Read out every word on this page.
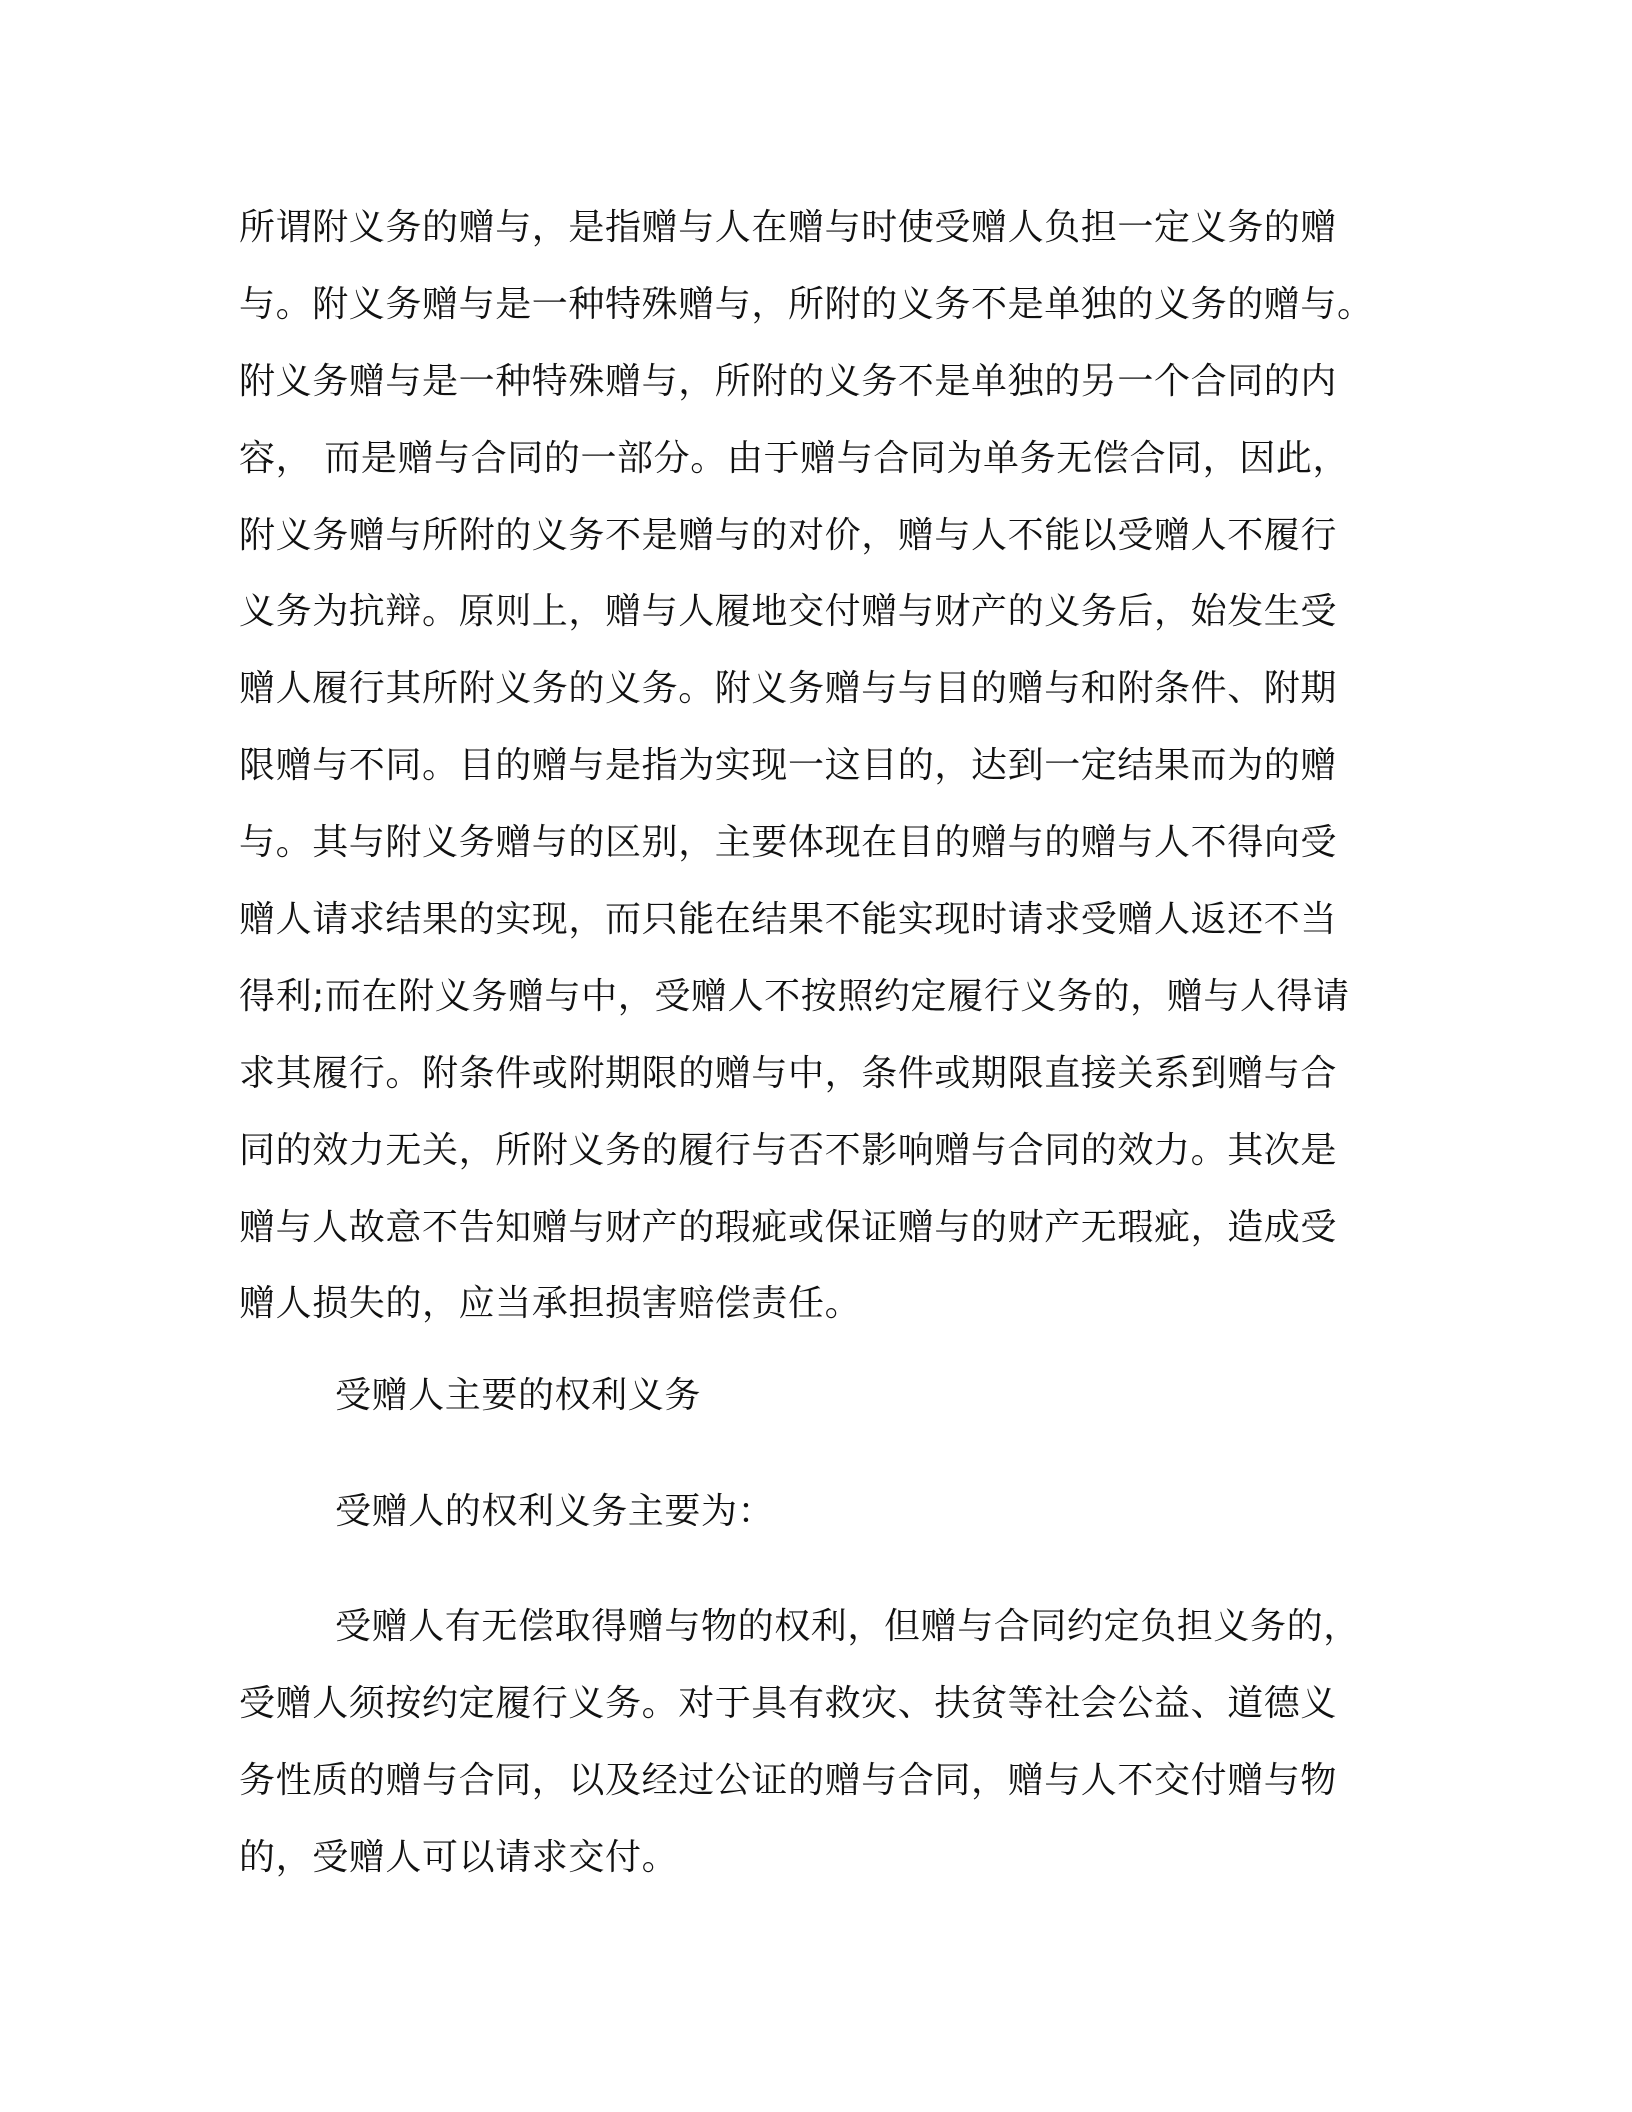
所谓附义务的赠与，是指赠与人在赠与时使受赠人负担一定义务的赠
与。附义务赠与是一种特殊赠与，所附的义务不是单独的义务的赠与。
附义务赠与是一种特殊赠与，所附的义务不是单独的另一个合同的内
容， 而是赠与合同的一部分。由于赠与合同为单务无偿合同，因此，
附义务赠与所附的义务不是赠与的对价，赠与人不能以受赠人不履行
义务为抗辩。原则上，赠与人履地交付赠与财产的义务后，始发生受
赠人履行其所附义务的义务。附义务赠与与目的赠与和附条件、附期
限赠与不同。目的赠与是指为实现一这目的，达到一定结果而为的赠
与。其与附义务赠与的区别，主要体现在目的赠与的赠与人不得向受
赠人请求结果的实现，而只能在结果不能实现时请求受赠人返还不当
得利;而在附义务赠与中，受赠人不按照约定履行义务的，赠与人得请
求其履行。附条件或附期限的赠与中，条件或期限直接关系到赠与合
同的效力无关，所附义务的履行与否不影响赠与合同的效力。其次是
赠与人故意不告知赠与财产的瑕疵或保证赠与的财产无瑕疵，造成受
赠人损失的，应当承担损害赔偿责任。
受赠人主要的权利义务
受赠人的权利义务主要为：
受赠人有无偿取得赠与物的权利，但赠与合同约定负担义务的，
受赠人须按约定履行义务。对于具有救灾、扶贫等社会公益、道德义
务性质的赠与合同，以及经过公证的赠与合同，赠与人不交付赠与物
的，受赠人可以请求交付。
